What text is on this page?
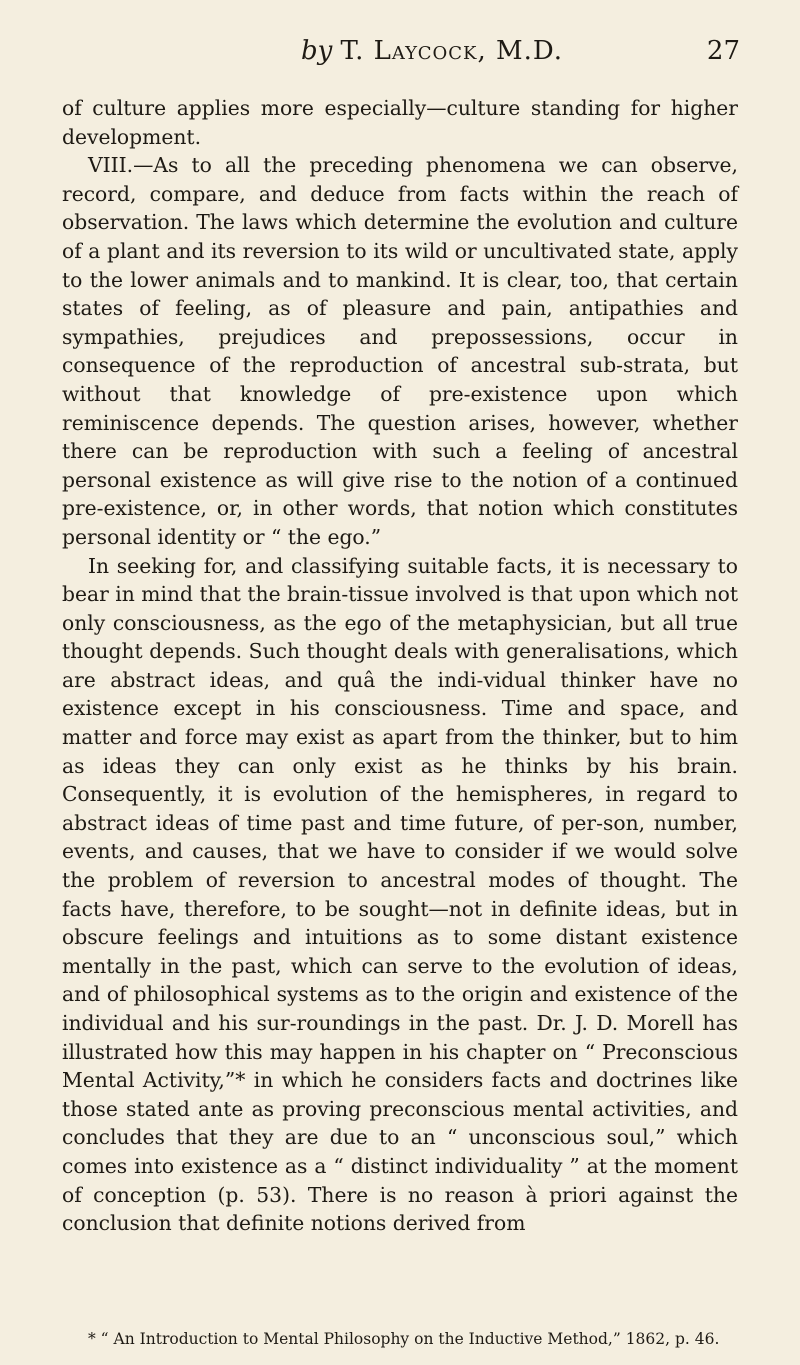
by T. Laycock, M.D.	27

of culture applies more especially—culture standing for higher development.

VIII.—As to all the preceding phenomena we can observe, record, compare, and deduce from facts within the reach of observation. The laws which determine the evolution and culture of a plant and its reversion to its wild or uncultivated state, apply to the lower animals and to mankind. It is clear, too, that certain states of feeling, as of pleasure and pain, antipathies and sympathies, prejudices and prepossessions, occur in consequence of the reproduction of ancestral sub-strata, but without that knowledge of pre-existence upon which reminiscence depends. The question arises, however, whether there can be reproduction with such a feeling of ancestral personal existence as will give rise to the notion of a continued pre-existence, or, in other words, that notion which constitutes personal identity or “ the ego.”

In seeking for, and classifying suitable facts, it is necessary to bear in mind that the brain-tissue involved is that upon which not only consciousness, as the ego of the metaphysician, but all true thought depends. Such thought deals with generalisations, which are abstract ideas, and quâ the indi-vidual thinker have no existence except in his consciousness. Time and space, and matter and force may exist as apart from the thinker, but to him as ideas they can only exist as he thinks by his brain. Consequently, it is evolution of the hemispheres, in regard to abstract ideas of time past and time future, of per-son, number, events, and causes, that we have to consider if we would solve the problem of reversion to ancestral modes of thought. The facts have, therefore, to be sought—not in definite ideas, but in obscure feelings and intuitions as to some distant existence mentally in the past, which can serve to the evolution of ideas, and of philosophical systems as to the origin and existence of the individual and his sur-roundings in the past. Dr. J. D. Morell has illustrated how this may happen in his chapter on “ Preconscious Mental Activity,”* in which he considers facts and doctrines like those stated ante as proving preconscious mental activities, and concludes that they are due to an “ unconscious soul,” which comes into existence as a “ distinct individuality ” at the moment of conception (p. 53). There is no reason à priori against the conclusion that definite notions derived from

* “ An Introduction to Mental Philosophy on the Inductive Method,” 1862, p. 46.
